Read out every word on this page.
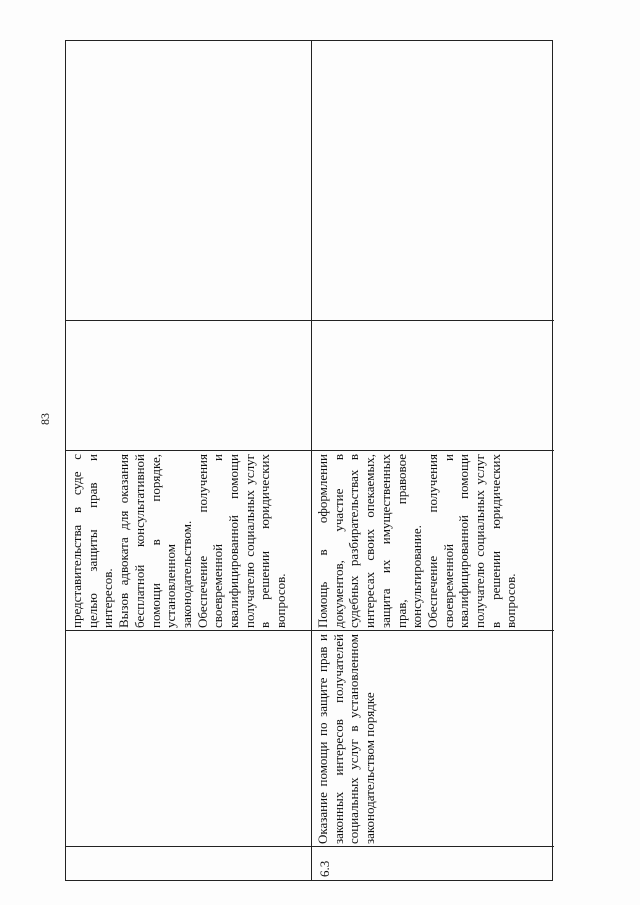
83
представительства в суде с целью защиты прав и интересов. Вызов адвоката для оказания бесплатной консультативной помощи в порядке, установленном законодательством. Обеспечение получения своевременной и квалифицированной помощи получателю социальных услуг в решении юридических вопросов.
6.3
Оказание помощи по защите прав и законных интересов получателей социальных услуг в установленном законодательством порядке
Помощь в оформлении документов, участие в судебных разбирательствах в интересах своих опекаемых, защита их имущественных прав, правовое консультирование. Обеспечение получения своевременной и квалифицированной помощи получателю социальных услуг в решении юридических вопросов.
